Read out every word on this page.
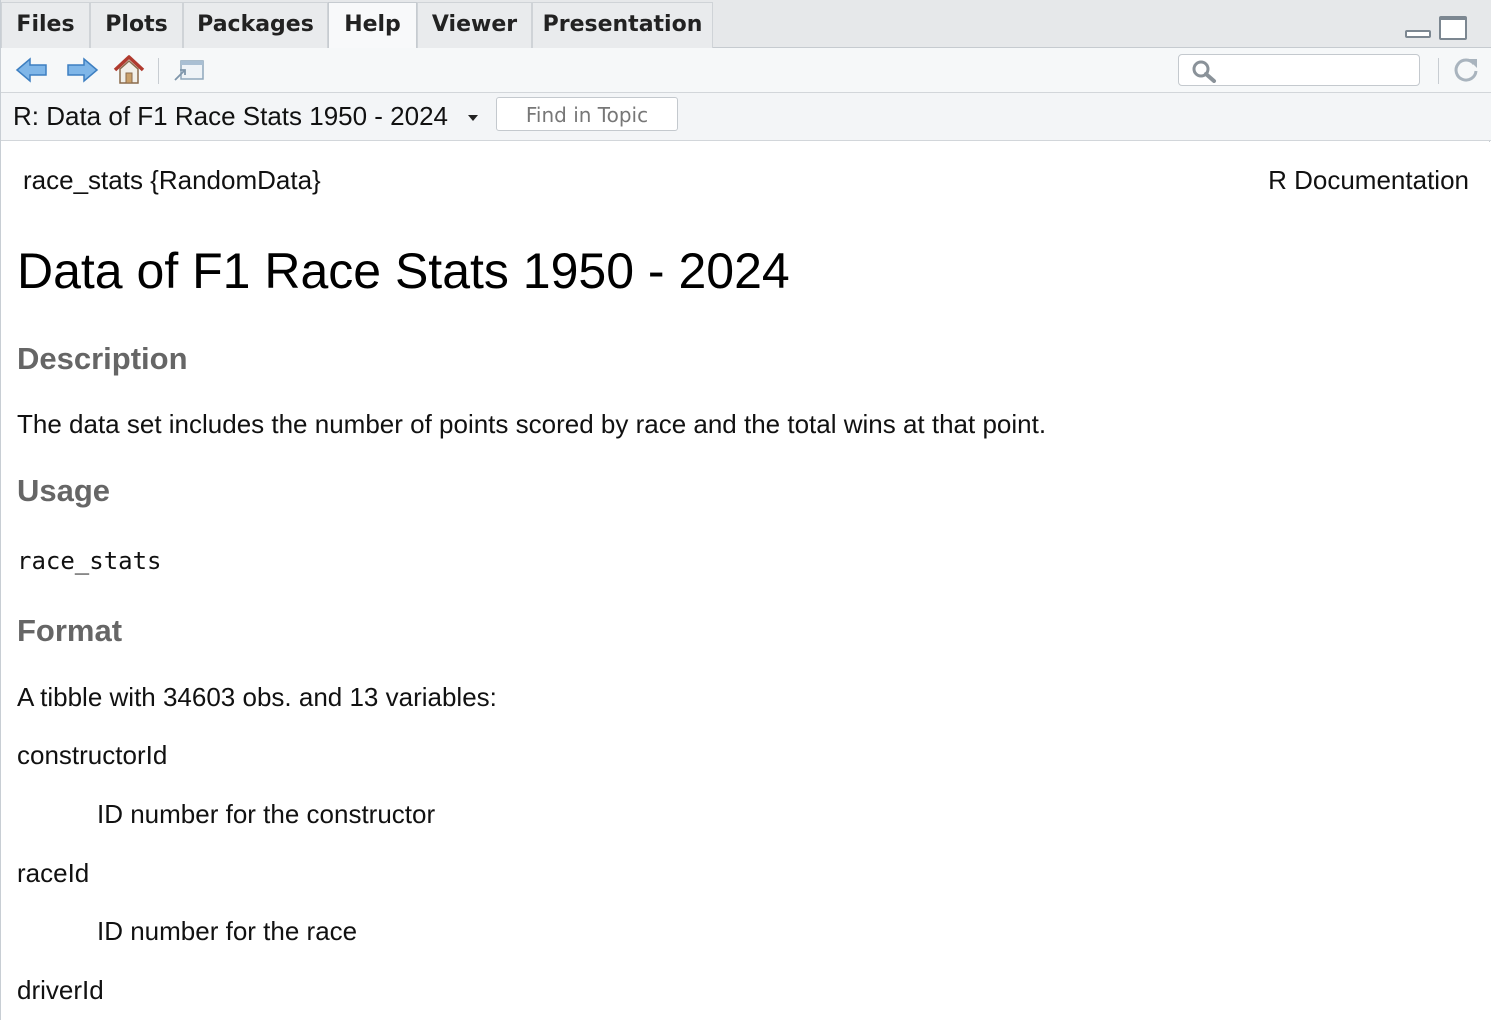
Files	Plots	Packages	Help	Viewer	Presentation
R: Data of F1 Race Stats 1950 - 2024	Find in Topic
race_stats {RandomData}	R Documentation
Data of F1 Race Stats 1950 - 2024
Description
The data set includes the number of points scored by race and the total wins at that point.
Usage
race_stats
Format
A tibble with 34603 obs. and 13 variables:
constructorId
ID number for the constructor
raceId
ID number for the race
driverId
